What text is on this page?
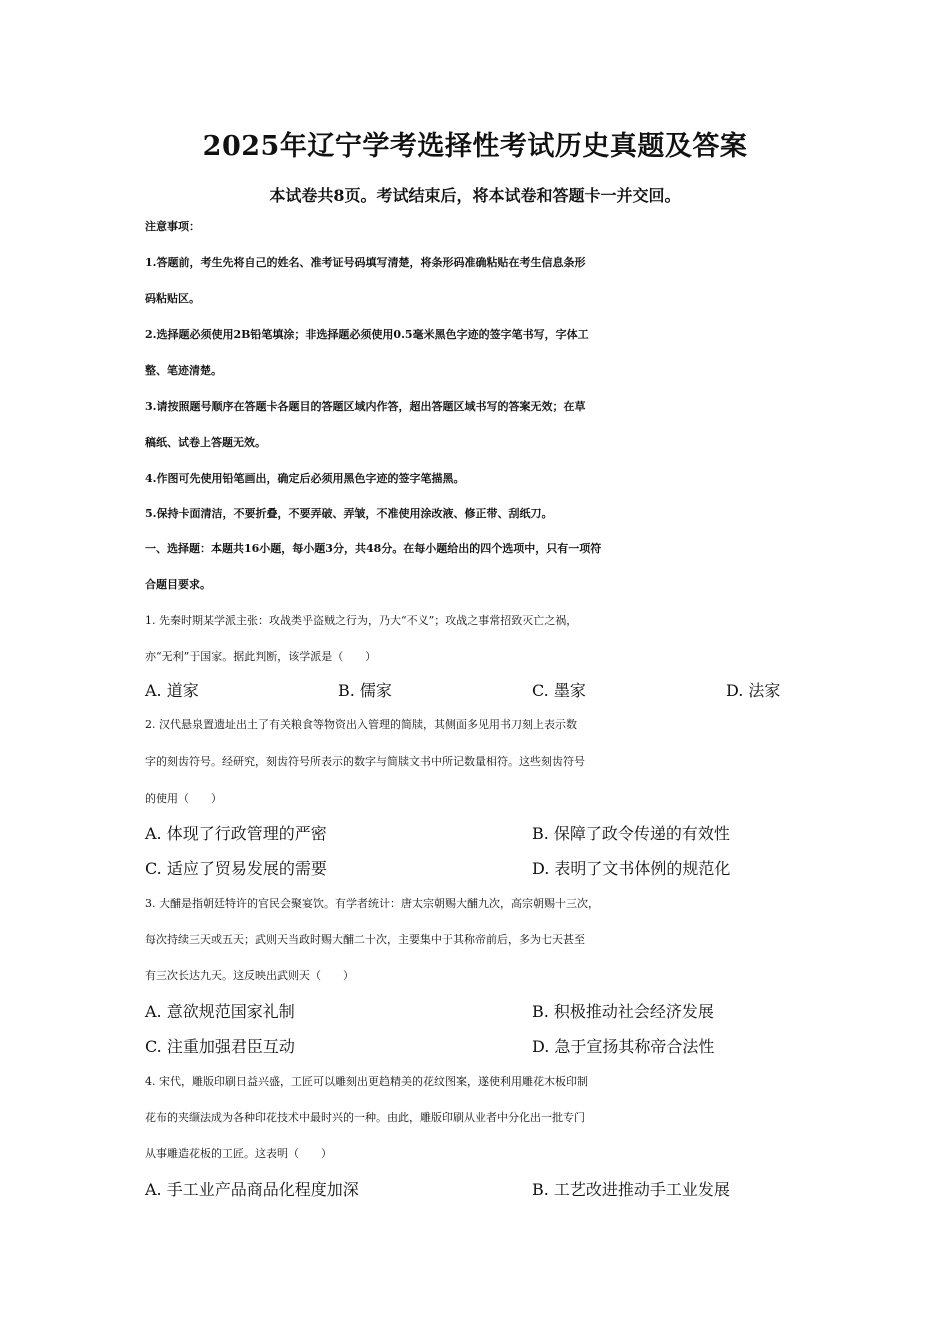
2025年辽宁学考选择性考试历史真题及答案
本试卷共8页。考试结束后，将本试卷和答题卡一并交回。
注意事项：
1.答题前，考生先将自己的姓名、准考证号码填写清楚，将条形码准确粘贴在考生信息条形
码粘贴区。
2.选择题必须使用2B铅笔填涂；非选择题必须使用0.5毫米黑色字迹的签字笔书写，字体工
整、笔迹清楚。
3.请按照题号顺序在答题卡各题目的答题区域内作答，超出答题区域书写的答案无效；在草
稿纸、试卷上答题无效。
4.作图可先使用铅笔画出，确定后必须用黑色字迹的签字笔描黑。
5.保持卡面清洁，不要折叠，不要弄破、弄皱，不准使用涂改液、修正带、刮纸刀。
一、选择题：本题共16小题，每小题3分，共48分。在每小题给出的四个选项中，只有一项符
合题目要求。
1. 先秦时期某学派主张：攻战类乎盗贼之行为，乃大“不义”；攻战之事常招致灭亡之祸，
亦“无利”于国家。据此判断，该学派是（　　）
A. 道家	B. 儒家	C. 墨家	D. 法家
2. 汉代悬泉置遗址出土了有关粮食等物资出入管理的简牍，其侧面多见用书刀刻上表示数
字的刻齿符号。经研究，刻齿符号所表示的数字与简牍文书中所记数量相符。这些刻齿符号
的使用（　　）
A. 体现了行政管理的严密	B. 保障了政令传递的有效性
C. 适应了贸易发展的需要	D. 表明了文书体例的规范化
3. 大酺是指朝廷特许的官民会聚宴饮。有学者统计：唐太宗朝赐大酺九次，高宗朝赐十三次，
每次持续三天或五天；武则天当政时赐大酺二十次，主要集中于其称帝前后，多为七天甚至
有三次长达九天。这反映出武则天（　　）
A. 意欲规范国家礼制	B. 积极推动社会经济发展
C. 注重加强君臣互动	D. 急于宣扬其称帝合法性
4. 宋代，雕版印刷日益兴盛，工匠可以雕刻出更趋精美的花纹图案，遂使利用雕花木板印制
花布的夹缬法成为各种印花技术中最时兴的一种。由此，雕版印刷从业者中分化出一批专门
从事雕造花板的工匠。这表明（　　）
A. 手工业产品商品化程度加深	B. 工艺改进推动手工业发展
